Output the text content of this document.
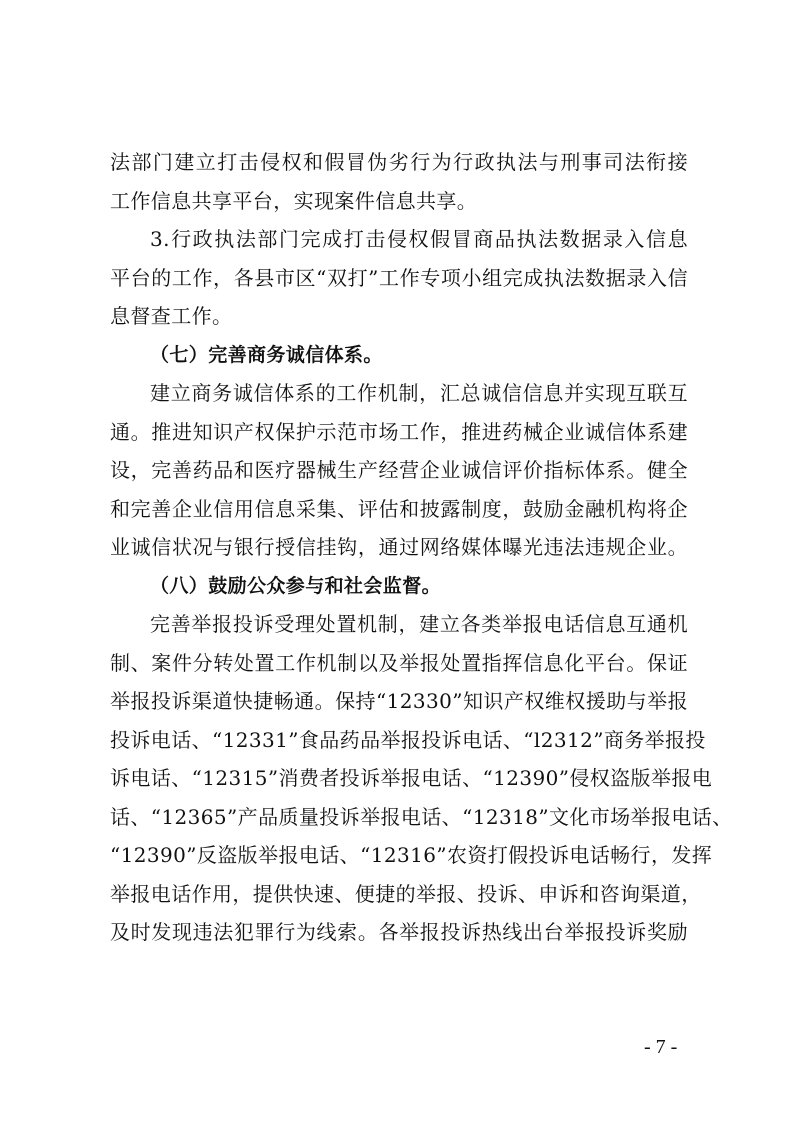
法部门建立打击侵权和假冒伪劣行为行政执法与刑事司法衔接
工作信息共享平台，实现案件信息共享。
3.行政执法部门完成打击侵权假冒商品执法数据录入信息
平台的工作，各县市区“双打”工作专项小组完成执法数据录入信
息督查工作。
（七）完善商务诚信体系。
建立商务诚信体系的工作机制，汇总诚信信息并实现互联互
通。推进知识产权保护示范市场工作，推进药械企业诚信体系建
设，完善药品和医疗器械生产经营企业诚信评价指标体系。健全
和完善企业信用信息采集、评估和披露制度，鼓励金融机构将企
业诚信状况与银行授信挂钩，通过网络媒体曝光违法违规企业。
（八）鼓励公众参与和社会监督。
完善举报投诉受理处置机制，建立各类举报电话信息互通机
制、案件分转处置工作机制以及举报处置指挥信息化平台。保证
举报投诉渠道快捷畅通。保持“12330”知识产权维权援助与举报
投诉电话、“12331”食品药品举报投诉电话、“l2312”商务举报投
诉电话、“12315”消费者投诉举报电话、“12390”侵权盗版举报电
话、“12365”产品质量投诉举报电话、“12318”文化市场举报电话、
“12390”反盗版举报电话、“12316”农资打假投诉电话畅行，发挥
举报电话作用，提供快速、便捷的举报、投诉、申诉和咨询渠道，
及时发现违法犯罪行为线索。各举报投诉热线出台举报投诉奖励
- 7 -
